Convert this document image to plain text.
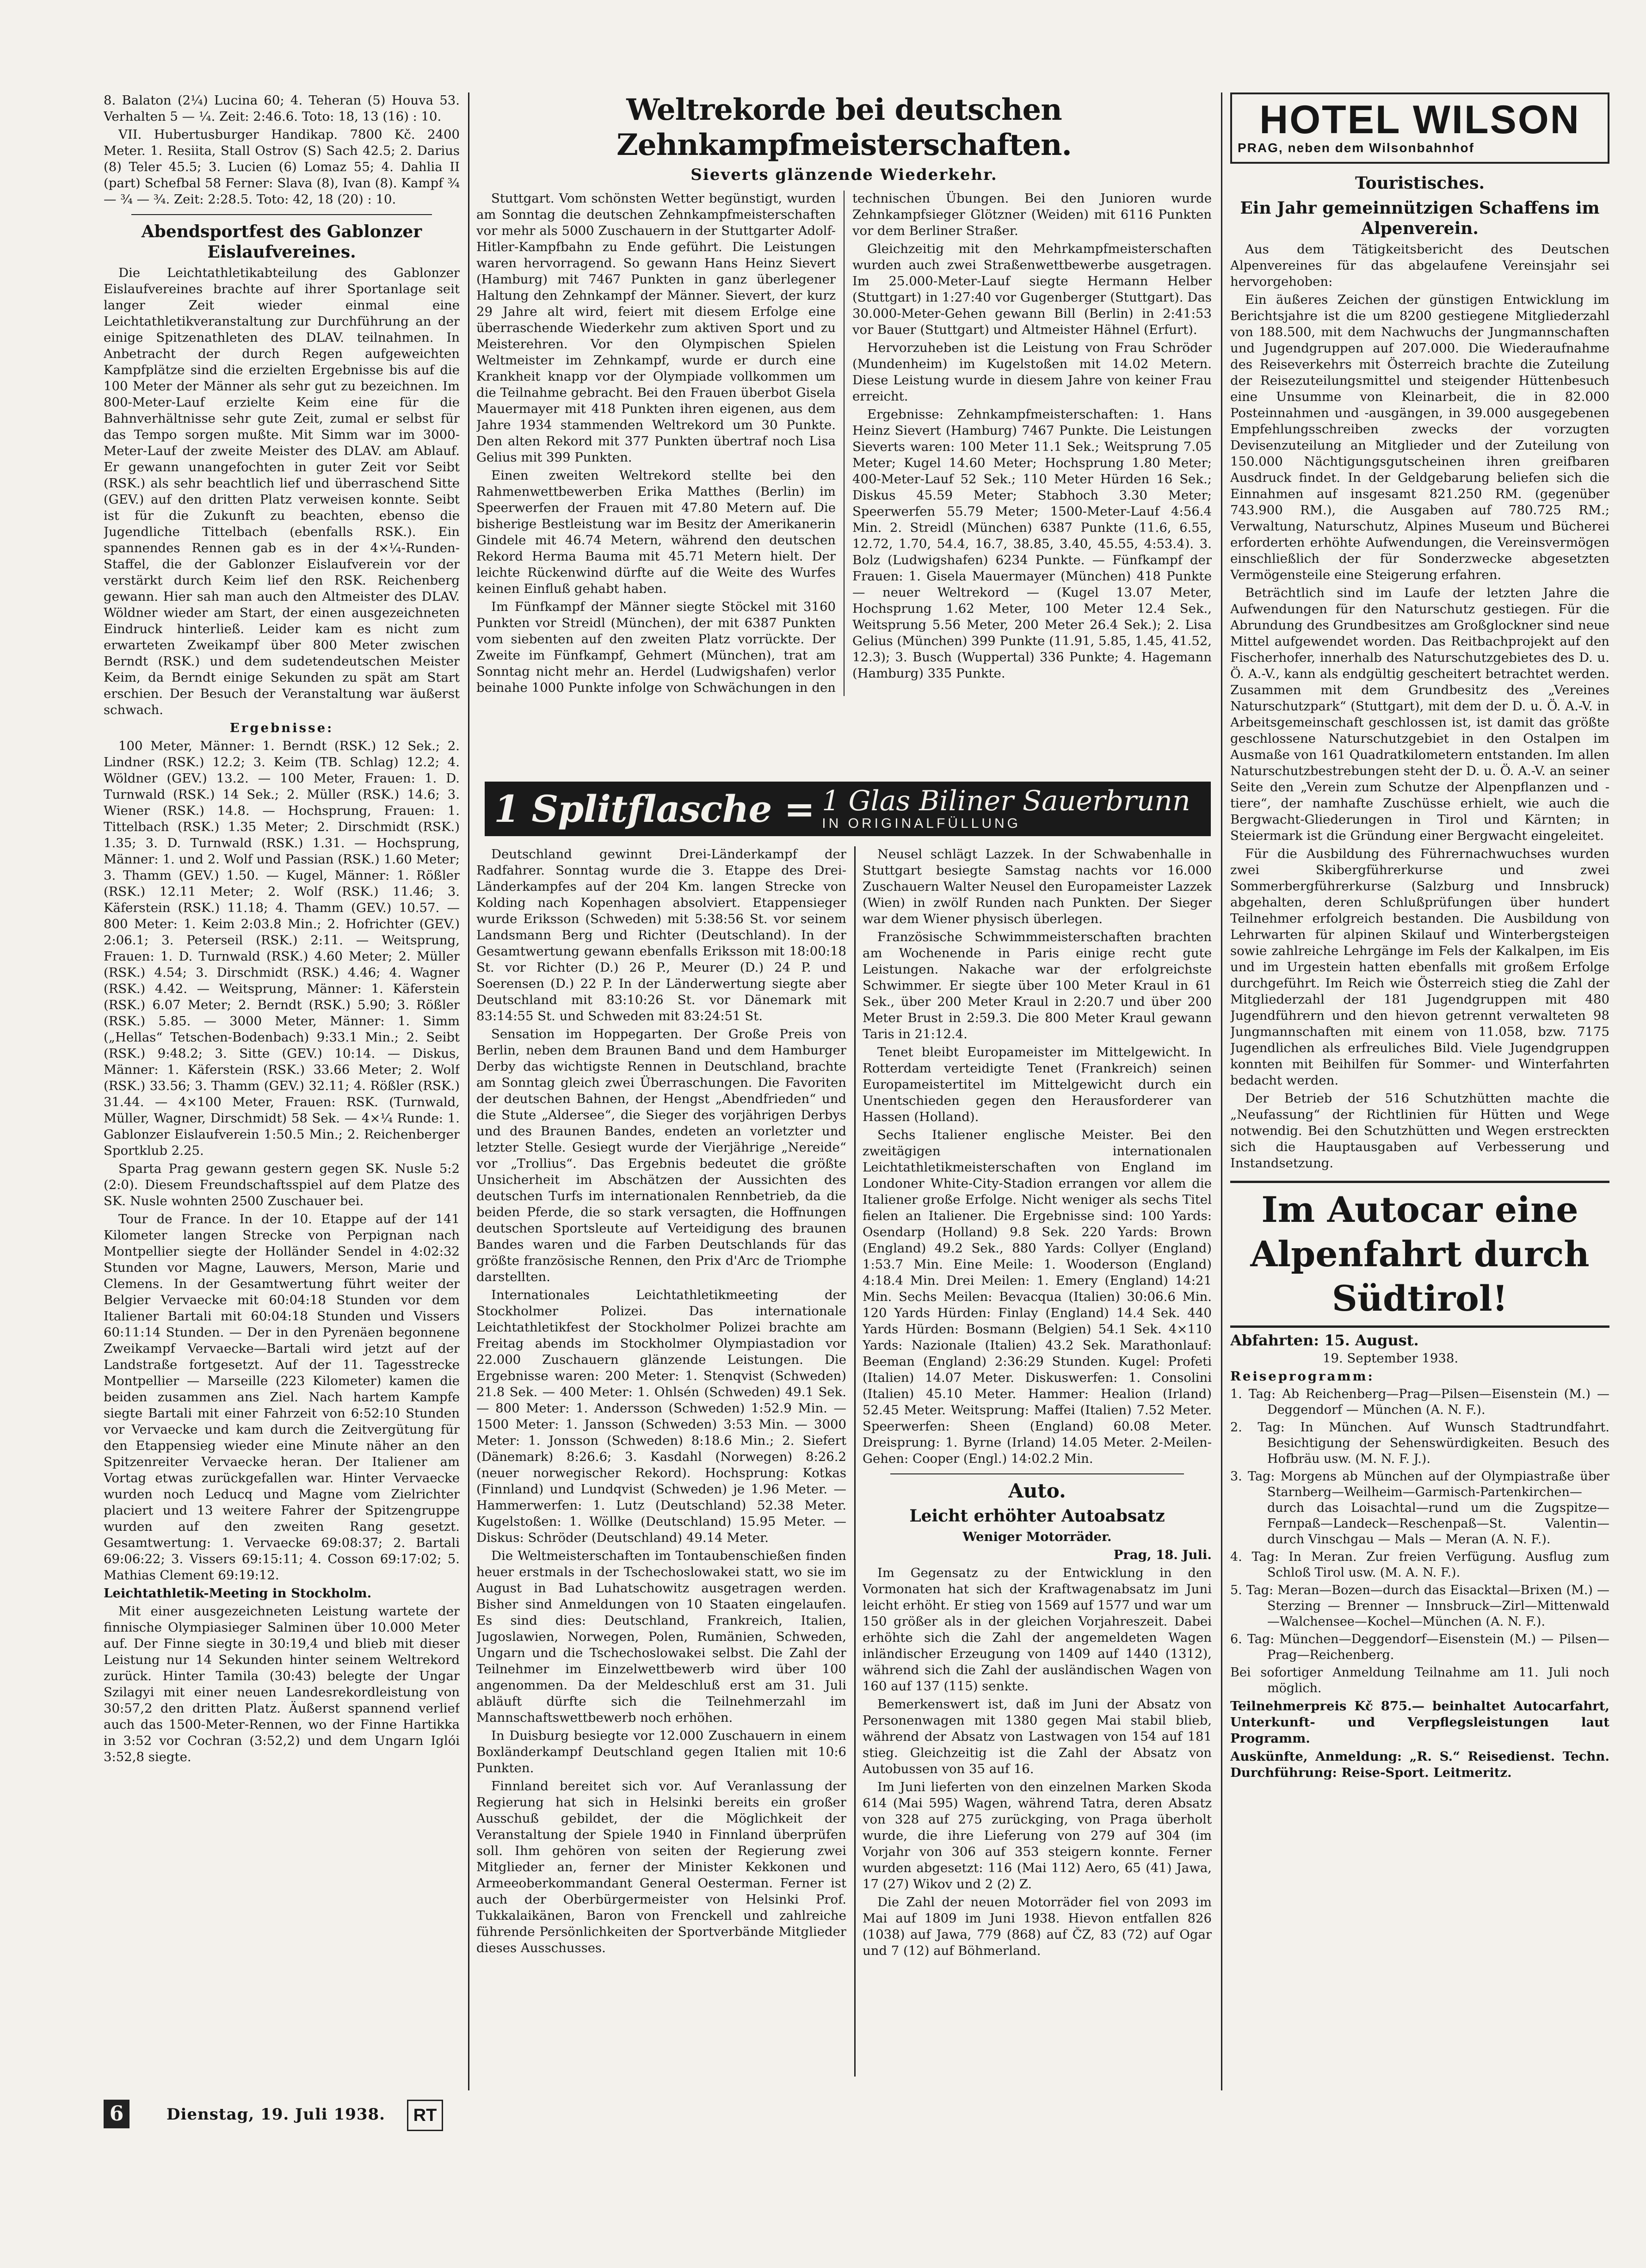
8. Balaton (2¼) Lucina 60; 4. Teheran (5) Houva 53. Verhalten 5 — ¼. Zeit: 2:46.6. Toto: 18, 13 (16) : 10.

VII. Hubertusburger Handikap. 7800 Kč. 2400 Meter. 1. Resiita, Stall Ostrov (S) Sach 42.5; 2. Darius (8) Teler 45.5; 3. Lucien (6) Lomaz 55; 4. Dahlia II (part) Schefbal 58 Ferner: Slava (8), Ivan (8). Kampf ¾ — ¾ — ¾. Zeit: 2:28.5. Toto: 42, 18 (20) : 10.

Abendsportfest des Gablonzer Eislaufvereines.

Die Leichtathletikabteilung des Gablonzer Eislaufvereines brachte auf ihrer Sportanlage seit langer Zeit wieder einmal eine Leichtathletikveranstaltung zur Durchführung an der einige Spitzenathleten des DLAV. teilnahmen. In Anbetracht der durch Regen aufgeweichten Kampfplätze sind die erzielten Ergebnisse bis auf die 100 Meter der Männer als sehr gut zu bezeichnen. Im 800-Meter-Lauf erzielte Keim eine für die Bahnverhältnisse sehr gute Zeit, zumal er selbst für das Tempo sorgen mußte. Mit Simm war im 3000-Meter-Lauf der zweite Meister des DLAV. am Ablauf. Er gewann unangefochten in guter Zeit vor Seibt (RSK.) als sehr beachtlich lief und überraschend Sitte (GEV.) auf den dritten Platz verweisen konnte. Seibt ist für die Zukunft zu beachten, ebenso die Jugendliche Tittelbach (ebenfalls RSK.). Ein spannendes Rennen gab es in der 4×¼-Runden-Staffel, die der Gablonzer Eislaufverein vor der verstärkt durch Keim lief den RSK. Reichenberg gewann. Hier sah man auch den Altmeister des DLAV. Wöldner wieder am Start, der einen ausgezeichneten Eindruck hinterließ. Leider kam es nicht zum erwarteten Zweikampf über 800 Meter zwischen Berndt (RSK.) und dem sudetendeutschen Meister Keim, da Berndt einige Sekunden zu spät am Start erschien. Der Besuch der Veranstaltung war äußerst schwach.

Ergebnisse:

100 Meter, Männer: 1. Berndt (RSK.) 12 Sek.; 2. Lindner (RSK.) 12.2; 3. Keim (TB. Schlag) 12.2; 4. Wöldner (GEV.) 13.2. — 100 Meter, Frauen: 1. D. Turnwald (RSK.) 14 Sek.; 2. Müller (RSK.) 14.6; 3. Wiener (RSK.) 14.8. — Hochsprung, Frauen: 1. Tittelbach (RSK.) 1.35 Meter; 2. Dirschmidt (RSK.) 1.35; 3. D. Turnwald (RSK.) 1.31. — Hochsprung, Männer: 1. und 2. Wolf und Passian (RSK.) 1.60 Meter; 3. Thamm (GEV.) 1.50. — Kugel, Männer: 1. Rößler (RSK.) 12.11 Meter; 2. Wolf (RSK.) 11.46; 3. Käferstein (RSK.) 11.18; 4. Thamm (GEV.) 10.57. — 800 Meter: 1. Keim 2:03.8 Min.; 2. Hofrichter (GEV.) 2:06.1; 3. Peterseil (RSK.) 2:11. — Weitsprung, Frauen: 1. D. Turnwald (RSK.) 4.60 Meter; 2. Müller (RSK.) 4.54; 3. Dirschmidt (RSK.) 4.46; 4. Wagner (RSK.) 4.42. — Weitsprung, Männer: 1. Käferstein (RSK.) 6.07 Meter; 2. Berndt (RSK.) 5.90; 3. Rößler (RSK.) 5.85. — 3000 Meter, Männer: 1. Simm („Hellas“ Tetschen-Bodenbach) 9:33.1 Min.; 2. Seibt (RSK.) 9:48.2; 3. Sitte (GEV.) 10:14. — Diskus, Männer: 1. Käferstein (RSK.) 33.66 Meter; 2. Wolf (RSK.) 33.56; 3. Thamm (GEV.) 32.11; 4. Rößler (RSK.) 31.44. — 4×100 Meter, Frauen: RSK. (Turnwald, Müller, Wagner, Dirschmidt) 58 Sek. — 4×¼ Runde: 1. Gablonzer Eislaufverein 1:50.5 Min.; 2. Reichenberger Sportklub 2.25.

Sparta Prag gewann gestern gegen SK. Nusle 5:2 (2:0). Diesem Freundschaftsspiel auf dem Platze des SK. Nusle wohnten 2500 Zuschauer bei.

Tour de France. In der 10. Etappe auf der 141 Kilometer langen Strecke von Perpignan nach Montpellier siegte der Holländer Sendel in 4:02:32 Stunden vor Magne, Lauwers, Merson, Marie und Clemens. In der Gesamtwertung führt weiter der Belgier Vervaecke mit 60:04:18 Stunden vor dem Italiener Bartali mit 60:04:18 Stunden und Vissers 60:11:14 Stunden. — Der in den Pyrenäen begonnene Zweikampf Vervaecke—Bartali wird jetzt auf der Landstraße fortgesetzt. Auf der 11. Tagesstrecke Montpellier — Marseille (223 Kilometer) kamen die beiden zusammen ans Ziel. Nach hartem Kampfe siegte Bartali mit einer Fahrzeit von 6:52:10 Stunden vor Vervaecke und kam durch die Zeitvergütung für den Etappensieg wieder eine Minute näher an den Spitzenreiter Vervaecke heran. Der Italiener am Vortag etwas zurückgefallen war. Hinter Vervaecke wurden noch Leducq und Magne vom Zielrichter placiert und 13 weitere Fahrer der Spitzengruppe wurden auf den zweiten Rang gesetzt. Gesamtwertung: 1. Vervaecke 69:08:37; 2. Bartali 69:06:22; 3. Vissers 69:15:11; 4. Cosson 69:17:02; 5. Mathias Clement 69:19:12.

Leichtathletik-Meeting in Stockholm.

Mit einer ausgezeichneten Leistung wartete der finnische Olympiasieger Salminen über 10.000 Meter auf. Der Finne siegte in 30:19,4 und blieb mit dieser Leistung nur 14 Sekunden hinter seinem Weltrekord zurück. Hinter Tamila (30:43) belegte der Ungar Szilagyi mit einer neuen Landesrekordleistung von 30:57,2 den dritten Platz. Äußerst spannend verlief auch das 1500-Meter-Rennen, wo der Finne Hartikka in 3:52 vor Cochran (3:52,2) und dem Ungarn Iglói 3:52,8 siegte.

Weltrekorde bei deutschen Zehnkampfmeisterschaften.
Sieverts glänzende Wiederkehr.

Stuttgart. Vom schönsten Wetter begünstigt, wurden am Sonntag die deutschen Zehnkampfmeisterschaften vor mehr als 5000 Zuschauern in der Stuttgarter Adolf-Hitler-Kampfbahn zu Ende geführt. Die Leistungen waren hervorragend. So gewann Hans Heinz Sievert (Hamburg) mit 7467 Punkten in ganz überlegener Haltung den Zehnkampf der Männer. Sievert, der kurz 29 Jahre alt wird, feiert mit diesem Erfolge eine überraschende Wiederkehr zum aktiven Sport und zu Meisterehren. Vor den Olympischen Spielen Weltmeister im Zehnkampf, wurde er durch eine Krankheit knapp vor der Olympiade vollkommen um die Teilnahme gebracht. Bei den Frauen überbot Gisela Mauermayer mit 418 Punkten ihren eigenen, aus dem Jahre 1934 stammenden Weltrekord um 30 Punkte. Den alten Rekord mit 377 Punkten übertraf noch Lisa Gelius mit 399 Punkten.

Einen zweiten Weltrekord stellte bei den Rahmenwettbewerben Erika Matthes (Berlin) im Speerwerfen der Frauen mit 47.80 Metern auf. Die bisherige Bestleistung war im Besitz der Amerikanerin Gindele mit 46.74 Metern, während den deutschen Rekord Herma Bauma mit 45.71 Metern hielt. Der leichte Rückenwind dürfte auf die Weite des Wurfes keinen Einfluß gehabt haben.

Im Fünfkampf der Männer siegte Stöckel mit 3160 Punkten vor Streidl (München), der mit 6387 Punkten vom siebenten auf den zweiten Platz vorrückte. Der Zweite im Fünfkampf, Gehmert (München), trat am Sonntag nicht mehr an. Herdel (Ludwigshafen) verlor beinahe 1000 Punkte infolge von Schwächungen in den technischen Übungen. Bei den Junioren wurde Zehnkampfsieger Glötzner (Weiden) mit 6116 Punkten vor dem Berliner Straßer.

Gleichzeitig mit den Mehrkampfmeisterschaften wurden auch zwei Straßenwettbewerbe ausgetragen. Im 25.000-Meter-Lauf siegte Hermann Helber (Stuttgart) in 1:27:40 vor Gugenberger (Stuttgart). Das 30.000-Meter-Gehen gewann Bill (Berlin) in 2:41:53 vor Bauer (Stuttgart) und Altmeister Hähnel (Erfurt).

Hervorzuheben ist die Leistung von Frau Schröder (Mundenheim) im Kugelstoßen mit 14.02 Metern. Diese Leistung wurde in diesem Jahre von keiner Frau erreicht.

Ergebnisse: Zehnkampfmeisterschaften: 1. Hans Heinz Sievert (Hamburg) 7467 Punkte. Die Leistungen Sieverts waren: 100 Meter 11.1 Sek.; Weitsprung 7.05 Meter; Kugel 14.60 Meter; Hochsprung 1.80 Meter; 400-Meter-Lauf 52 Sek.; 110 Meter Hürden 16 Sek.; Diskus 45.59 Meter; Stabhoch 3.30 Meter; Speerwerfen 55.79 Meter; 1500-Meter-Lauf 4:56.4 Min. 2. Streidl (München) 6387 Punkte (11.6, 6.55, 12.72, 1.70, 54.4, 16.7, 38.85, 3.40, 45.55, 4:53.4). 3. Bolz (Ludwigshafen) 6234 Punkte. — Fünfkampf der Frauen: 1. Gisela Mauermayer (München) 418 Punkte — neuer Weltrekord — (Kugel 13.07 Meter, Hochsprung 1.62 Meter, 100 Meter 12.4 Sek., Weitsprung 5.56 Meter, 200 Meter 26.4 Sek.); 2. Lisa Gelius (München) 399 Punkte (11.91, 5.85, 1.45, 41.52, 12.3); 3. Busch (Wuppertal) 336 Punkte; 4. Hagemann (Hamburg) 335 Punkte.

1 Splitflasche = 1 Glas Biliner Sauerbrunn
IN ORIGINALFÜLLUNG

Deutschland gewinnt Drei-Länderkampf der Radfahrer. Sonntag wurde die 3. Etappe des Drei-Länderkampfes auf der 204 Km. langen Strecke von Kolding nach Kopenhagen absolviert. Etappensieger wurde Eriksson (Schweden) mit 5:38:56 St. vor seinem Landsmann Berg und Richter (Deutschland). In der Gesamtwertung gewann ebenfalls Eriksson mit 18:00:18 St. vor Richter (D.) 26 P., Meurer (D.) 24 P. und Soerensen (D.) 22 P. In der Länderwertung siegte aber Deutschland mit 83:10:26 St. vor Dänemark mit 83:14:55 St. und Schweden mit 83:24:51 St.

Sensation im Hoppegarten. Der Große Preis von Berlin, neben dem Braunen Band und dem Hamburger Derby das wichtigste Rennen in Deutschland, brachte am Sonntag gleich zwei Überraschungen. Die Favoriten der deutschen Bahnen, der Hengst „Abendfrieden“ und die Stute „Aldersee“, die Sieger des vorjährigen Derbys und des Braunen Bandes, endeten an vorletzter und letzter Stelle. Gesiegt wurde der Vierjährige „Nereide“ vor „Trollius“. Das Ergebnis bedeutet die größte Unsicherheit im Abschätzen der Aussichten des deutschen Turfs im internationalen Rennbetrieb, da die beiden Pferde, die so stark versagten, die Hoffnungen deutschen Sportsleute auf Verteidigung des braunen Bandes waren und die Farben Deutschlands für das größte französische Rennen, den Prix d'Arc de Triomphe darstellten.

Internationales Leichtathletikmeeting der Stockholmer Polizei. Das internationale Leichtathletikfest der Stockholmer Polizei brachte am Freitag abends im Stockholmer Olympiastadion vor 22.000 Zuschauern glänzende Leistungen. Die Ergebnisse waren: 200 Meter: 1. Stenqvist (Schweden) 21.8 Sek. — 400 Meter: 1. Ohlsén (Schweden) 49.1 Sek. — 800 Meter: 1. Andersson (Schweden) 1:52.9 Min. — 1500 Meter: 1. Jansson (Schweden) 3:53 Min. — 3000 Meter: 1. Jonsson (Schweden) 8:18.6 Min.; 2. Siefert (Dänemark) 8:26.6; 3. Kasdahl (Norwegen) 8:26.2 (neuer norwegischer Rekord). Hochsprung: Kotkas (Finnland) und Lundqvist (Schweden) je 1.96 Meter. — Hammerwerfen: 1. Lutz (Deutschland) 52.38 Meter. Kugelstoßen: 1. Wöllke (Deutschland) 15.95 Meter. — Diskus: Schröder (Deutschland) 49.14 Meter.

Die Weltmeisterschaften im Tontaubenschießen finden heuer erstmals in der Tschechoslowakei statt, wo sie im August in Bad Luhatschowitz ausgetragen werden. Bisher sind Anmeldungen von 10 Staaten eingelaufen. Es sind dies: Deutschland, Frankreich, Italien, Jugoslawien, Norwegen, Polen, Rumänien, Schweden, Ungarn und die Tschechoslowakei selbst. Die Zahl der Teilnehmer im Einzelwettbewerb wird über 100 angenommen. Da der Meldeschluß erst am 31. Juli abläuft dürfte sich die Teilnehmerzahl im Mannschaftswettbewerb noch erhöhen.

In Duisburg besiegte vor 12.000 Zuschauern in einem Boxländerkampf Deutschland gegen Italien mit 10:6 Punkten.

Finnland bereitet sich vor. Auf Veranlassung der Regierung hat sich in Helsinki bereits ein großer Ausschuß gebildet, der die Möglichkeit der Veranstaltung der Spiele 1940 in Finnland überprüfen soll. Ihm gehören von seiten der Regierung zwei Mitglieder an, ferner der Minister Kekkonen und Armeeoberkommandant General Oesterman. Ferner ist auch der Oberbürgermeister von Helsinki Prof. Tukkalaikänen, Baron von Frenckell und zahlreiche führende Persönlichkeiten der Sportverbände Mitglieder dieses Ausschusses.

Neusel schlägt Lazzek. In der Schwabenhalle in Stuttgart besiegte Samstag nachts vor 16.000 Zuschauern Walter Neusel den Europameister Lazzek (Wien) in zwölf Runden nach Punkten. Der Sieger war dem Wiener physisch überlegen.

Französische Schwimmmeisterschaften brachten am Wochenende in Paris einige recht gute Leistungen. Nakache war der erfolgreichste Schwimmer. Er siegte über 100 Meter Kraul in 61 Sek., über 200 Meter Kraul in 2:20.7 und über 200 Meter Brust in 2:59.3. Die 800 Meter Kraul gewann Taris in 21:12.4.

Tenet bleibt Europameister im Mittelgewicht. In Rotterdam verteidigte Tenet (Frankreich) seinen Europameistertitel im Mittelgewicht durch ein Unentschieden gegen den Herausforderer van Hassen (Holland).

Sechs Italiener englische Meister. Bei den zweitägigen internationalen Leichtathletikmeisterschaften von England im Londoner White-City-Stadion errangen vor allem die Italiener große Erfolge. Nicht weniger als sechs Titel fielen an Italiener. Die Ergebnisse sind: 100 Yards: Osendarp (Holland) 9.8 Sek. 220 Yards: Brown (England) 49.2 Sek., 880 Yards: Collyer (England) 1:53.7 Min. Eine Meile: 1. Wooderson (England) 4:18.4 Min. Drei Meilen: 1. Emery (England) 14:21 Min. Sechs Meilen: Bevacqua (Italien) 30:06.6 Min. 120 Yards Hürden: Finlay (England) 14.4 Sek. 440 Yards Hürden: Bosmann (Belgien) 54.1 Sek. 4×110 Yards: Nazionale (Italien) 43.2 Sek. Marathonlauf: Beeman (England) 2:36:29 Stunden. Kugel: Profeti (Italien) 14.07 Meter. Diskuswerfen: 1. Consolini (Italien) 45.10 Meter. Hammer: Healion (Irland) 52.45 Meter. Weitsprung: Maffei (Italien) 7.52 Meter. Speerwerfen: Sheen (England) 60.08 Meter. Dreisprung: 1. Byrne (Irland) 14.05 Meter. 2-Meilen-Gehen: Cooper (Engl.) 14:02.2 Min.

Auto.
Leicht erhöhter Autoabsatz

Weniger Motorräder.

Prag, 18. Juli.

Im Gegensatz zu der Entwicklung in den Vormonaten hat sich der Kraftwagenabsatz im Juni leicht erhöht. Er stieg von 1569 auf 1577 und war um 150 größer als in der gleichen Vorjahreszeit. Dabei erhöhte sich die Zahl der angemeldeten Wagen inländischer Erzeugung von 1409 auf 1440 (1312), während sich die Zahl der ausländischen Wagen von 160 auf 137 (115) senkte.

Bemerkenswert ist, daß im Juni der Absatz von Personenwagen mit 1380 gegen Mai stabil blieb, während der Absatz von Lastwagen von 154 auf 181 stieg. Gleichzeitig ist die Zahl der Absatz von Autobussen von 35 auf 16.

Im Juni lieferten von den einzelnen Marken Skoda 614 (Mai 595) Wagen, während Tatra, deren Absatz von 328 auf 275 zurückging, von Praga überholt wurde, die ihre Lieferung von 279 auf 304 (im Vorjahr von 306 auf 353 steigern konnte. Ferner wurden abgesetzt: 116 (Mai 112) Aero, 65 (41) Jawa, 17 (27) Wikov und 2 (2) Z.

Die Zahl der neuen Motorräder fiel von 2093 im Mai auf 1809 im Juni 1938. Hievon entfallen 826 (1038) auf Jawa, 779 (868) auf ČZ, 83 (72) auf Ogar und 7 (12) auf Böhmerland.

HOTEL WILSON
PRAG, neben dem Wilsonbahnhof
Touristisches.
Ein Jahr gemeinnützigen Schaffens im Alpenverein.

Aus dem Tätigkeitsbericht des Deutschen Alpenvereines für das abgelaufene Vereinsjahr sei hervorgehoben:

Ein äußeres Zeichen der günstigen Entwicklung im Berichtsjahre ist die um 8200 gestiegene Mitgliederzahl von 188.500, mit dem Nachwuchs der Jungmannschaften und Jugendgruppen auf 207.000. Die Wiederaufnahme des Reiseverkehrs mit Österreich brachte die Zuteilung der Reisezuteilungsmittel und steigender Hüttenbesuch eine Unsumme von Kleinarbeit, die in 82.000 Posteinnahmen und -ausgängen, in 39.000 ausgegebenen Empfehlungsschreiben zwecks der vorzugten Devisenzuteilung an Mitglieder und der Zuteilung von 150.000 Nächtigungsgutscheinen ihren greifbaren Ausdruck findet. In der Geldgebarung beliefen sich die Einnahmen auf insgesamt 821.250 RM. (gegenüber 743.900 RM.), die Ausgaben auf 780.725 RM.; Verwaltung, Naturschutz, Alpines Museum und Bücherei erforderten erhöhte Aufwendungen, die Vereinsvermögen einschließlich der für Sonderzwecke abgesetzten Vermögensteile eine Steigerung erfahren.

Beträchtlich sind im Laufe der letzten Jahre die Aufwendungen für den Naturschutz gestiegen. Für die Abrundung des Grundbesitzes am Großglockner sind neue Mittel aufgewendet worden. Das Reitbachprojekt auf den Fischerhofer, innerhalb des Naturschutzgebietes des D. u. Ö. A.-V., kann als endgültig gescheitert betrachtet werden. Zusammen mit dem Grundbesitz des „Vereines Naturschutzpark“ (Stuttgart), mit dem der D. u. Ö. A.-V. in Arbeitsgemeinschaft geschlossen ist, ist damit das größte geschlossene Naturschutzgebiet in den Ostalpen im Ausmaße von 161 Quadratkilometern entstanden. Im allen Naturschutzbestrebungen steht der D. u. Ö. A.-V. an seiner Seite den „Verein zum Schutze der Alpenpflanzen und -tiere“, der namhafte Zuschüsse erhielt, wie auch die Bergwacht-Gliederungen in Tirol und Kärnten; in Steiermark ist die Gründung einer Bergwacht eingeleitet.

Für die Ausbildung des Führernachwuchses wurden zwei Skibergführerkurse und zwei Sommerbergführerkurse (Salzburg und Innsbruck) abgehalten, deren Schlußprüfungen über hundert Teilnehmer erfolgreich bestanden. Die Ausbildung von Lehrwarten für alpinen Skilauf und Winterbergsteigen sowie zahlreiche Lehrgänge im Fels der Kalkalpen, im Eis und im Urgestein hatten ebenfalls mit großem Erfolge durchgeführt. Im Reich wie Österreich stieg die Zahl der Mitgliederzahl der 181 Jugendgruppen mit 480 Jugendführern und den hievon getrennt verwalteten 98 Jungmannschaften mit einem von 11.058, bzw. 7175 Jugendlichen als erfreuliches Bild. Viele Jugendgruppen konnten mit Beihilfen für Sommer- und Winterfahrten bedacht werden.

Der Betrieb der 516 Schutzhütten machte die „Neufassung“ der Richtlinien für Hütten und Wege notwendig. Bei den Schutzhütten und Wegen erstreckten sich die Hauptausgaben auf Verbesserung und Instandsetzung.

Im Autocar eine Alpenfahrt durch Südtirol!

Abfahrten: 15. August.

19. September 1938.

Reiseprogramm:

1. Tag: Ab Reichenberg—Prag—Pilsen—Eisenstein (M.) — Deggendorf — München (A. N. F.).

2. Tag: In München. Auf Wunsch Stadtrundfahrt. Besichtigung der Sehenswürdigkeiten. Besuch des Hofbräu usw. (M. N. F. J.).

3. Tag: Morgens ab München auf der Olympiastraße über Starnberg—Weilheim—Garmisch-Partenkirchen—durch das Loisachtal—rund um die Zugspitze—Fernpaß—Landeck—Reschenpaß—St. Valentin—durch Vinschgau — Mals — Meran (A. N. F.).

4. Tag: In Meran. Zur freien Verfügung. Ausflug zum Schloß Tirol usw. (M. A. N. F.).

5. Tag: Meran—Bozen—durch das Eisacktal—Brixen (M.) — Sterzing — Brenner — Innsbruck—Zirl—Mittenwald—Walchensee—Kochel—München (A. N. F.).

6. Tag: München—Deggendorf—Eisenstein (M.) — Pilsen—Prag—Reichenberg.

Bei sofortiger Anmeldung Teilnahme am 11. Juli noch möglich.

Teilnehmerpreis Kč 875.— beinhaltet Autocarfahrt, Unterkunft- und Verpflegsleistungen laut Programm.

Auskünfte, Anmeldung: „R. S.“ Reisedienst. Techn. Durchführung: Reise-Sport. Leitmeritz.

6	Dienstag, 19. Juli 1938.	RT
